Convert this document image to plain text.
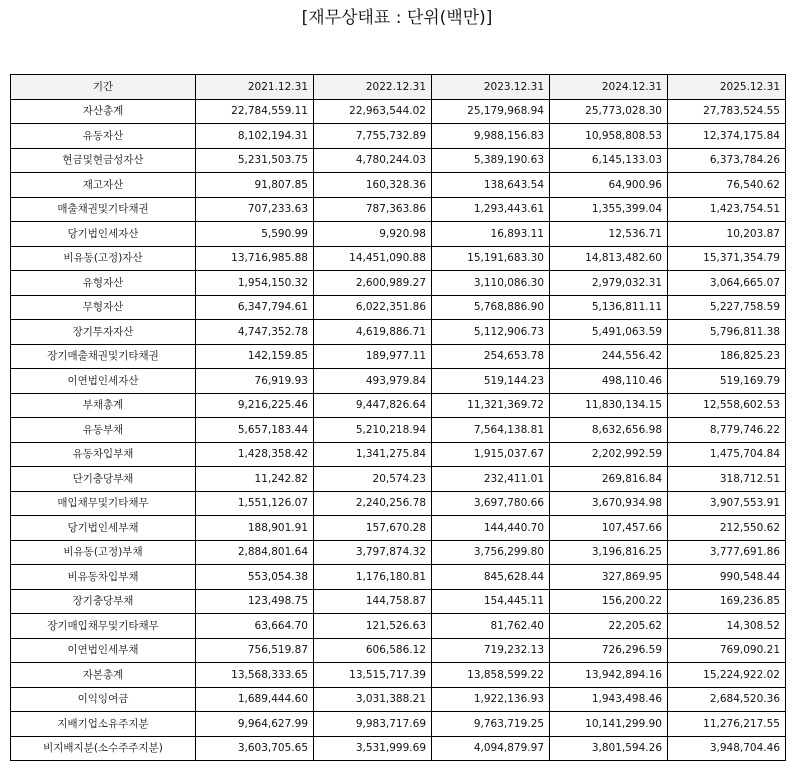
[재무상태표 : 단위(백만)]
기간	2021.12.31	2022.12.31	2023.12.31	2024.12.31	2025.12.31
자산총계	22,784,559.11	22,963,544.02	25,179,968.94	25,773,028.30	27,783,524.55
유동자산	8,102,194.31	7,755,732.89	9,988,156.83	10,958,808.53	12,374,175.84
현금및현금성자산	5,231,503.75	4,780,244.03	5,389,190.63	6,145,133.03	6,373,784.26
재고자산	91,807.85	160,328.36	138,643.54	64,900.96	76,540.62
매출채권및기타채권	707,233.63	787,363.86	1,293,443.61	1,355,399.04	1,423,754.51
당기법인세자산	5,590.99	9,920.98	16,893.11	12,536.71	10,203.87
비유동(고정)자산	13,716,985.88	14,451,090.88	15,191,683.30	14,813,482.60	15,371,354.79
유형자산	1,954,150.32	2,600,989.27	3,110,086.30	2,979,032.31	3,064,665.07
무형자산	6,347,794.61	6,022,351.86	5,768,886.90	5,136,811.11	5,227,758.59
장기투자자산	4,747,352.78	4,619,886.71	5,112,906.73	5,491,063.59	5,796,811.38
장기매출채권및기타채권	142,159.85	189,977.11	254,653.78	244,556.42	186,825.23
이연법인세자산	76,919.93	493,979.84	519,144.23	498,110.46	519,169.79
부채총계	9,216,225.46	9,447,826.64	11,321,369.72	11,830,134.15	12,558,602.53
유동부채	5,657,183.44	5,210,218.94	7,564,138.81	8,632,656.98	8,779,746.22
유동차입부채	1,428,358.42	1,341,275.84	1,915,037.67	2,202,992.59	1,475,704.84
단기충당부채	11,242.82	20,574.23	232,411.01	269,816.84	318,712.51
매입채무및기타채무	1,551,126.07	2,240,256.78	3,697,780.66	3,670,934.98	3,907,553.91
당기법인세부채	188,901.91	157,670.28	144,440.70	107,457.66	212,550.62
비유동(고정)부채	2,884,801.64	3,797,874.32	3,756,299.80	3,196,816.25	3,777,691.86
비유동차입부채	553,054.38	1,176,180.81	845,628.44	327,869.95	990,548.44
장기충당부채	123,498.75	144,758.87	154,445.11	156,200.22	169,236.85
장기매입채무및기타채무	63,664.70	121,526.63	81,762.40	22,205.62	14,308.52
이연법인세부채	756,519.87	606,586.12	719,232.13	726,296.59	769,090.21
자본총계	13,568,333.65	13,515,717.39	13,858,599.22	13,942,894.16	15,224,922.02
이익잉여금	1,689,444.60	3,031,388.21	1,922,136.93	1,943,498.46	2,684,520.36
지배기업소유주지분	9,964,627.99	9,983,717.69	9,763,719.25	10,141,299.90	11,276,217.55
비지배지분(소수주주지분)	3,603,705.65	3,531,999.69	4,094,879.97	3,801,594.26	3,948,704.46
